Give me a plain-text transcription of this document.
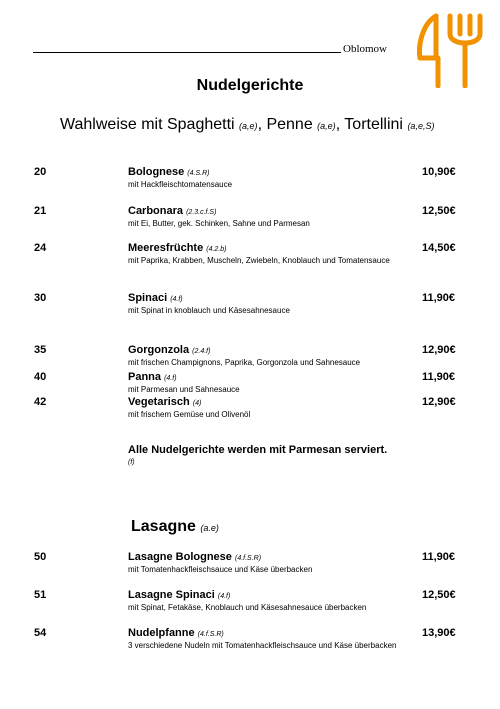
Oblomow
Nudelgerichte
Wahlweise mit Spaghetti (a,e), Penne (a,e), Tortellini (a,e,S)
20	Bolognese (4.S.R)
mit Hackfleischtomatensauce
10,90€
21	Carbonara (2.3.c.f.S)
mit Ei, Butter, gek. Schinken, Sahne und Parmesan
12,50€
24	Meeresfrüchte (4.2.b)
mit Paprika, Krabben, Muscheln, Zwiebeln, Knoblauch und Tomatensauce
14,50€
30	Spinaci (4.f)
mit Spinat in knoblauch und Käsesahnesauce
11,90€
35	Gorgonzola (2.4.f)
mit frischen Champignons, Paprika, Gorgonzola und Sahnesauce
12,90€
40	Panna (4.f)
mit Parmesan und Sahnesauce
11,90€
42	Vegetarisch (4)
mit frischem Gemüse und Olivenöl
12,90€
Alle Nudelgerichte werden mit Parmesan serviert.
(f)
Lasagne (a.e)
50	Lasagne Bolognese (4.f.S.R)
mit Tomatenhackfleischsauce und Käse überbacken
11,90€
51	Lasagne Spinaci (4.f)
mit Spinat, Fetakäse, Knoblauch und Käsesahnesauce überbacken
12,50€
54	Nudelpfanne (4.f.S.R)
3 verschiedene Nudeln mit Tomatenhackfleischsauce und Käse überbacken
13,90€
